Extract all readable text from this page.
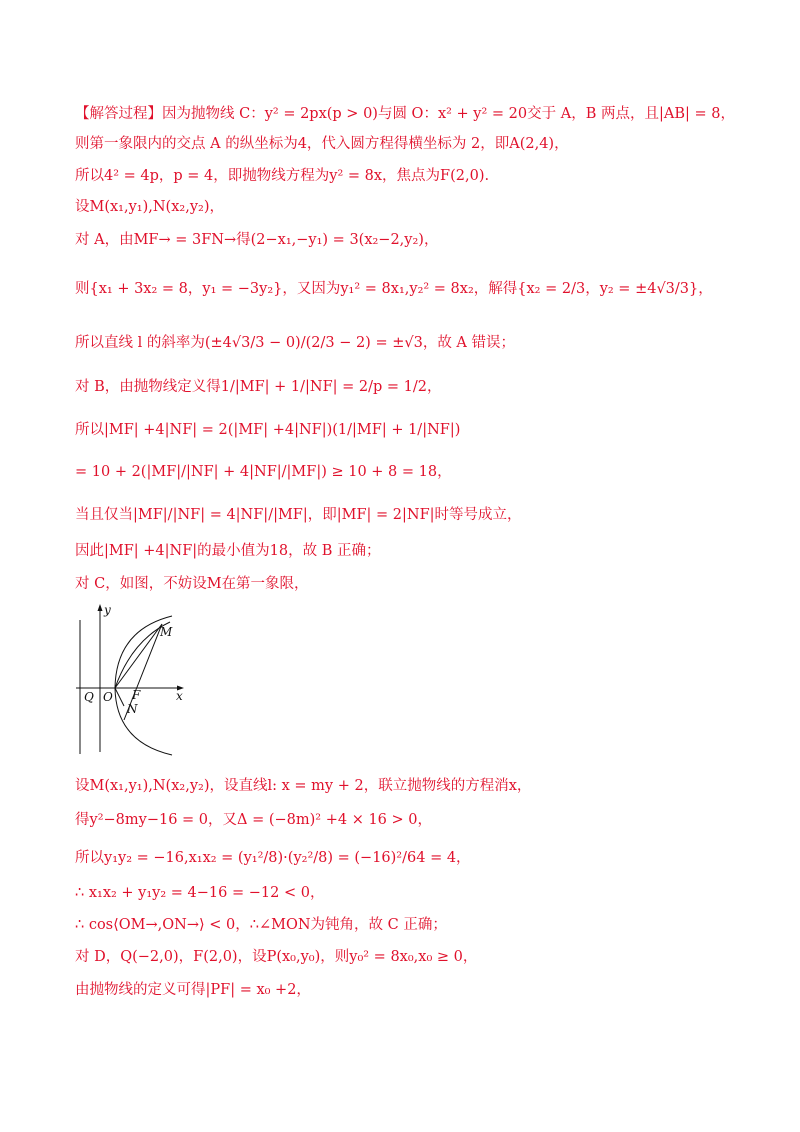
【解答过程】因为抛物线 C：y² = 2px(p > 0)与圆 O：x² + y² = 20交于 A，B 两点，且|AB| = 8，
则第一象限内的交点 A 的纵坐标为4，代入圆方程得横坐标为 2，即A(2,4)，
所以4² = 4p，p = 4，即抛物线方程为y² = 8x，焦点为F(2,0).
设M(x₁,y₁),N(x₂,y₂)，
对 A，由MF→ = 3FN→得(2−x₁,−y₁) = 3(x₂−2,y₂)，
则{x₁ + 3x₂ = 8，y₁ = −3y₂}，又因为y₁² = 8x₁,y₂² = 8x₂，解得{x₂ = 2/3，y₂ = ±4√3/3}，
所以直线 l 的斜率为(±4√3/3 − 0)/(2/3 − 2) = ±√3，故 A 错误；
对 B，由抛物线定义得1/|MF| + 1/|NF| = 2/p = 1/2，
所以|MF| +4|NF| = 2(|MF| +4|NF|)(1/|MF| + 1/|NF|)
= 10 + 2(|MF|/|NF| + 4|NF|/|MF|) ≥ 10 + 8 = 18，
当且仅当|MF|/|NF| = 4|NF|/|MF|，即|MF| = 2|NF|时等号成立，
因此|MF| +4|NF|的最小值为18，故 B 正确；
对 C，如图，不妨设M在第一象限，
y
x
M
Q O F
N
设M(x₁,y₁),N(x₂,y₂)，设直线l: x = my + 2，联立抛物线的方程消x，
得y²−8my−16 = 0，又Δ = (−8m)² +4 × 16 > 0，
所以y₁y₂ = −16,x₁x₂ = (y₁²/8)·(y₂²/8) = (−16)²/64 = 4，
∴ x₁x₂ + y₁y₂ = 4−16 = −12 < 0，
∴ cos⟨OM→,ON→⟩ < 0，∴∠MON为钝角，故 C 正确；
对 D，Q(−2,0)，F(2,0)，设P(x₀,y₀)，则y₀² = 8x₀,x₀ ≥ 0，
由抛物线的定义可得|PF| = x₀ +2，
